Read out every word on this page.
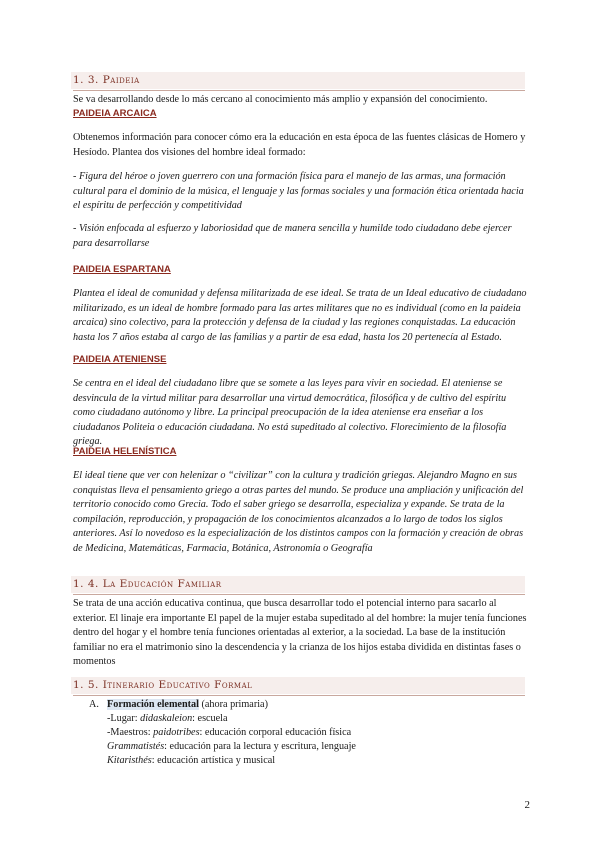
1. 3. Paideia
Se va desarrollando desde lo más cercano al conocimiento más amplio y expansión del conocimiento.
PAIDEIA ARCAICA
Obtenemos información para conocer cómo era la educación en esta época de las fuentes clásicas de Homero y Hesíodo. Plantea dos visiones del hombre ideal formado:
- Figura del héroe o joven guerrero con una formación física para el manejo de las armas, una formación cultural para el dominio de la música, el lenguaje y las formas sociales y una formación ética orientada hacia el espíritu de perfección y competitividad
- Visión enfocada al esfuerzo y laboriosidad que de manera sencilla y humilde todo ciudadano debe ejercer para desarrollarse
PAIDEIA ESPARTANA
Plantea el ideal de comunidad y defensa militarizada de ese ideal. Se trata de un Ideal educativo de ciudadano militarizado, es un ideal de hombre formado para las artes militares que no es individual (como en la paideia arcaica) sino colectivo, para la protección y defensa de la ciudad y las regiones conquistadas. La educación hasta los 7 años estaba al cargo de las familias y a partir de esa edad, hasta los 20 pertenecía al Estado.
PAIDEIA ATENIENSE
Se centra en el ideal del ciudadano libre que se somete a las leyes para vivir en sociedad. El ateniense se desvincula de la virtud militar para desarrollar una virtud democrática, filosófica y de cultivo del espíritu como ciudadano autónomo y libre. La principal preocupación de la idea ateniense era enseñar a los ciudadanos Politeia o educación ciudadana. No está supeditado al colectivo. Florecimiento de la filosofía griega.
PAIDEIA HELENÍSTICA
El ideal tiene que ver con helenizar o “civilizar” con la cultura y tradición griegas. Alejandro Magno en sus conquistas lleva el pensamiento griego a otras partes del mundo. Se produce una ampliación y unificación del territorio conocido como Grecia. Todo el saber griego se desarrolla, especializa y expande. Se trata de la compilación, reproducción, y propagación de los conocimientos alcanzados a lo largo de todos los siglos anteriores. Así lo novedoso es la especialización de los distintos campos con la formación y creación de obras de Medicina, Matemáticas, Farmacia, Botánica, Astronomía o Geografía
1. 4. La Educación Familiar
Se trata de una acción educativa continua, que busca desarrollar todo el potencial interno para sacarlo al exterior. El linaje era importante El papel de la mujer estaba supeditado al del hombre: la mujer tenía funciones dentro del hogar y el hombre tenía funciones orientadas al exterior, a la sociedad. La base de la institución familiar no era el matrimonio sino la descendencia y la crianza de los hijos estaba dividida en distintas fases o momentos
1. 5. Itinerario Educativo Formal
A. Formación elemental (ahora primaria)
-Lugar: didaskaleion: escuela
-Maestros: paidotribes: educación corporal educación física
Grammatistés: educación para la lectura y escritura, lenguaje
Kitaristhés: educación artística y musical
2
